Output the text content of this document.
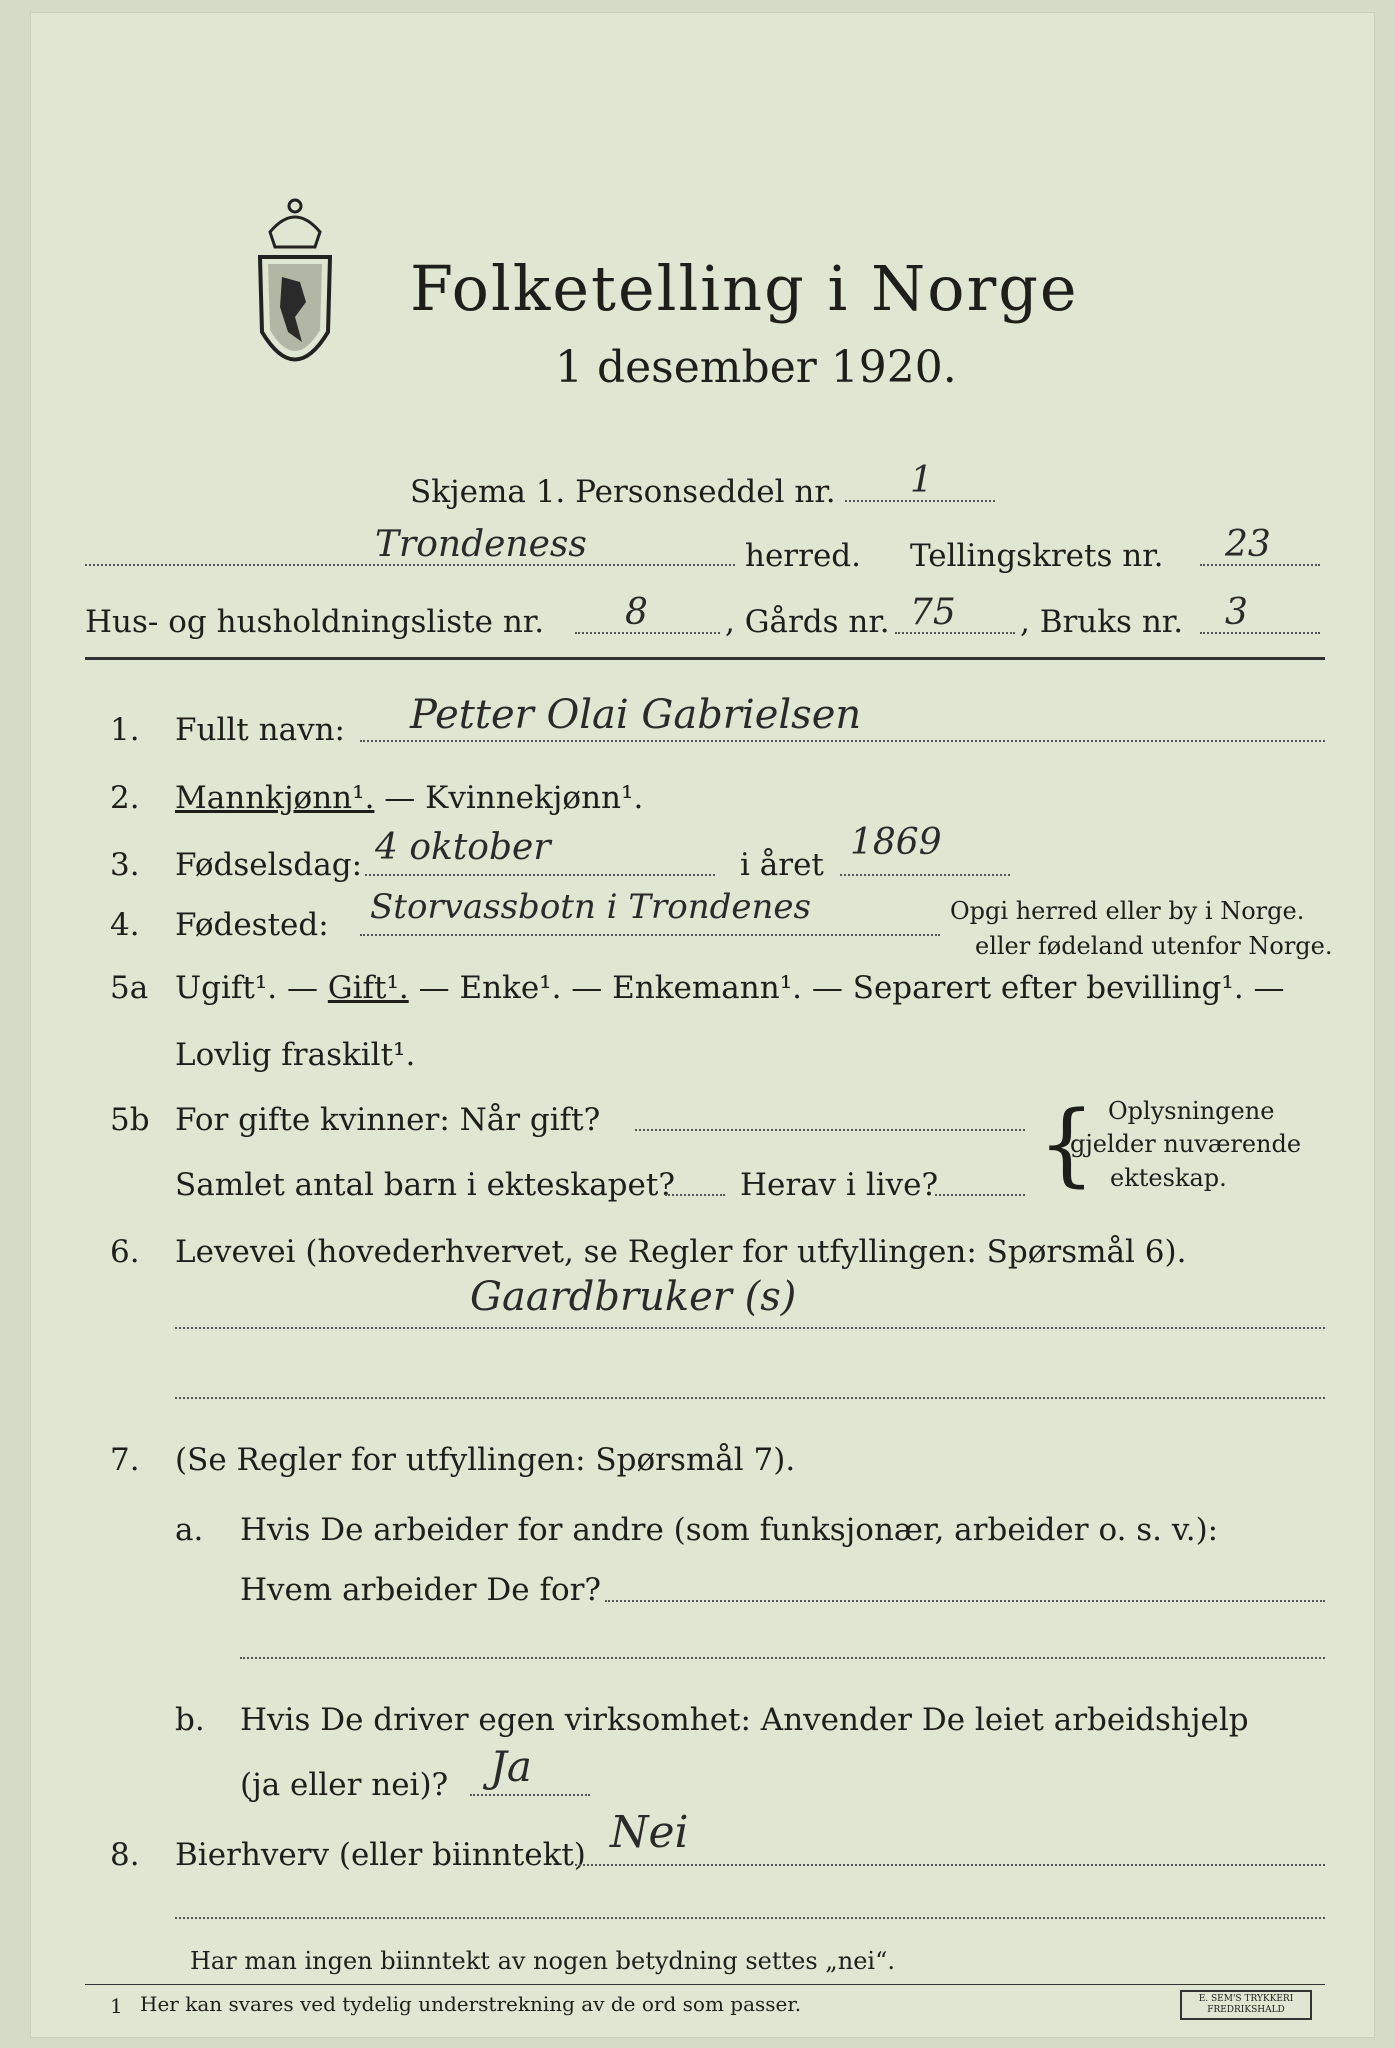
Folketelling i Norge
1 desember 1920.
Skjema 1. Personseddel nr. 1
Trondeness	herred. Tellingskrets nr. 23
Hus- og husholdningsliste nr. 8 , Gårds nr. 75 , Bruks nr. 3
1. Fullt navn: Petter Olai Gabrielsen
2. Mannkjønn¹. — Kvinnekjønn¹.
3. Fødselsdag: 4 oktober	i året
1869
4. Fødested: Storvassbotn i Trondenes	Opgi herred eller by i Norge.
eller fødeland utenfor Norge.
5a Ugift¹. — Gift¹. — Enke¹. — Enkemann¹. — Separert efter bevilling¹. —
Lovlig fraskilt¹.
5b For gifte kvinner: Når gift?
Samlet antal barn i ekteskapet? Herav i live? { Oplysningene
gjelder nuværende
ekteskap.
6. Levevei (hovederhvervet, se Regler for utfyllingen: Spørsmål 6).
Gaardbruker (s)
7. (Se Regler for utfyllingen: Spørsmål 7).
a. Hvis De arbeider for andre (som funksjonær, arbeider o. s. v.):
Hvem arbeider De for?
b. Hvis De driver egen virksomhet: Anvender De leiet arbeidshjelp
(ja eller nei)? Ja
8. Bierhverv (eller biinntekt) Nei
Har man ingen biinntekt av nogen betydning settes „nei“.
1 Her kan svares ved tydelig understrekning av de ord som passer.	E. SEM'S TRYKKERI FREDRIKSHALD
